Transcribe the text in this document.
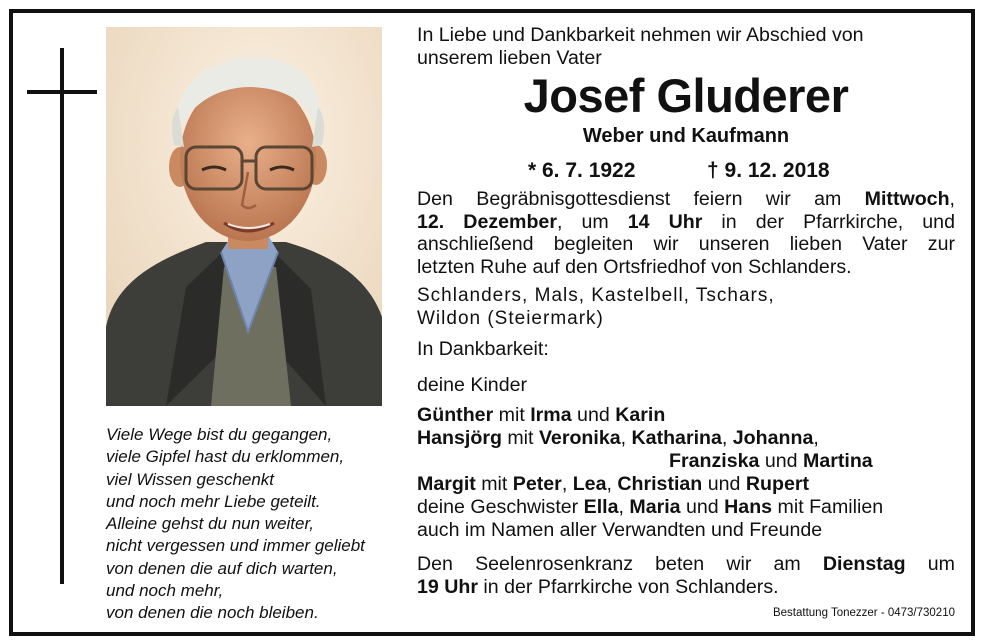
Viele Wege bist du gegangen,
viele Gipfel hast du erklommen,
viel Wissen geschenkt
und noch mehr Liebe geteilt.
Alleine gehst du nun weiter,
nicht vergessen und immer geliebt
von denen die auf dich warten,
und noch mehr,
von denen die noch bleiben.
In Liebe und Dankbarkeit nehmen wir Abschied von
unserem lieben Vater
Josef Gluderer
Weber und Kaufmann
* 6. 7. 1922	† 9. 12. 2018
Den Begräbnisgottesdienst feiern wir am Mittwoch,
12. Dezember, um 14 Uhr in der Pfarrkirche, und
anschließend begleiten wir unseren lieben Vater zur
letzten Ruhe auf den Ortsfriedhof von Schlanders.
Schlanders, Mals, Kastelbell, Tschars,
Wildon (Steiermark)
In Dankbarkeit:
deine Kinder
Günther mit Irma und Karin
Hansjörg mit Veronika, Katharina, Johanna,
Franziska und Martina
Margit mit Peter, Lea, Christian und Rupert
deine Geschwister Ella, Maria und Hans mit Familien
auch im Namen aller Verwandten und Freunde
Den Seelenrosenkranz beten wir am Dienstag um
19 Uhr in der Pfarrkirche von Schlanders.
Bestattung Tonezzer - 0473/730210
